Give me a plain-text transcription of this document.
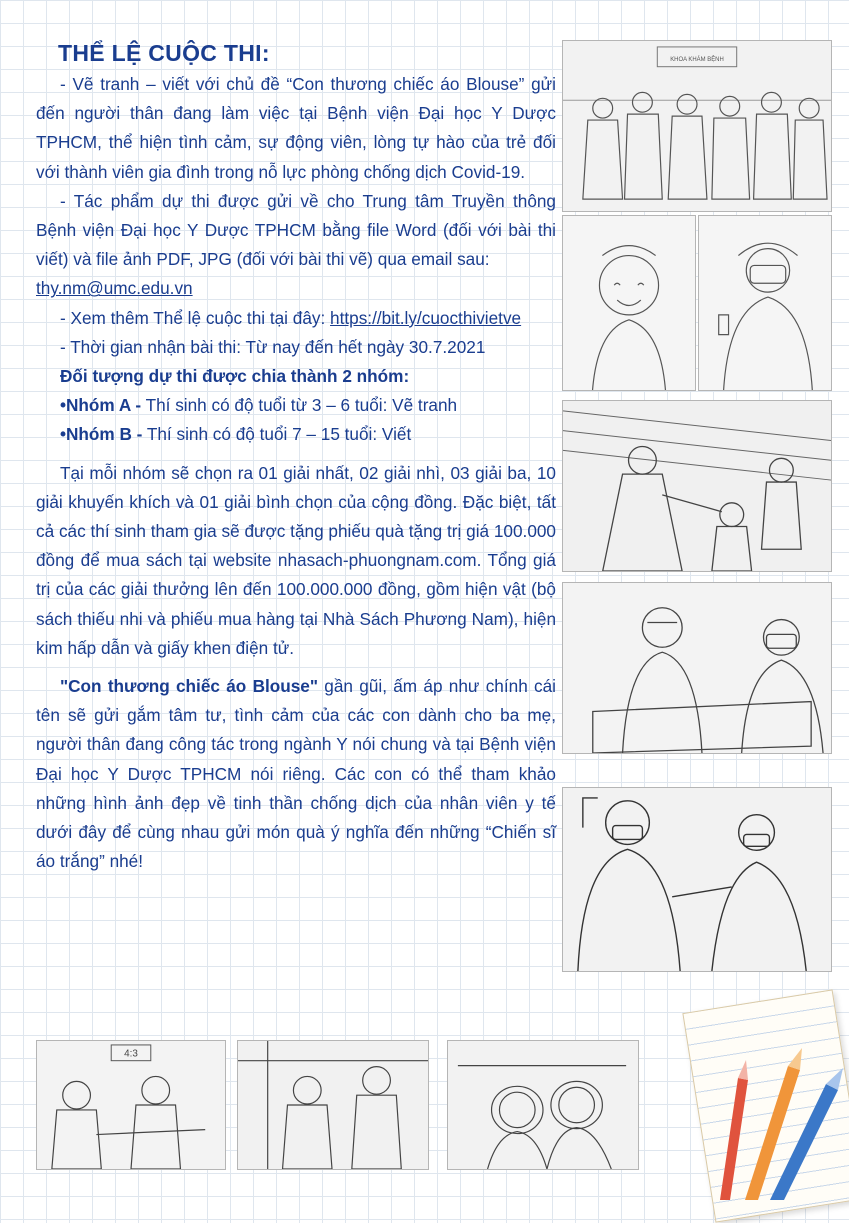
THỂ LỆ CUỘC THI:

- Vẽ tranh – viết với chủ đề “Con thương chiếc áo Blouse” gửi đến người thân đang làm việc tại Bệnh viện Đại học Y Dược TPHCM, thể hiện tình cảm, sự động viên, lòng tự hào của trẻ đối với thành viên gia đình trong nỗ lực phòng chống dịch Covid-19.

- Tác phẩm dự thi được gửi về cho Trung tâm Truyền thông Bệnh viện Đại học Y Dược TPHCM bằng file Word (đối với bài thi viết) và file ảnh PDF, JPG (đối với bài thi vẽ) qua email sau:

thy.nm@umc.edu.vn

- Xem thêm Thể lệ cuộc thi tại đây: https://bit.ly/cuocthivietve

- Thời gian nhận bài thi: Từ nay đến hết ngày 30.7.2021

Đối tượng dự thi được chia thành 2 nhóm:

•Nhóm A - Thí sinh có độ tuổi từ 3 – 6 tuổi: Vẽ tranh

•Nhóm B - Thí sinh có độ tuổi 7 – 15 tuổi: Viết

Tại mỗi nhóm sẽ chọn ra 01 giải nhất, 02 giải nhì, 03 giải ba, 10 giải khuyến khích và 01 giải bình chọn của cộng đồng. Đặc biệt, tất cả các thí sinh tham gia sẽ được tặng phiếu quà tặng trị giá 100.000 đồng để mua sách tại website nhasach-phuongnam.com. Tổng giá trị của các giải thưởng lên đến 100.000.000 đồng, gồm hiện vật (bộ sách thiếu nhi và phiếu mua hàng tại Nhà Sách Phương Nam), hiện kim hấp dẫn và giấy khen điện tử.

"Con thương chiếc áo Blouse" gần gũi, ấm áp như chính cái tên sẽ gửi gắm tâm tư, tình cảm của các con dành cho ba mẹ, người thân đang công tác trong ngành Y nói chung và tại Bệnh viện Đại học Y Dược TPHCM nói riêng. Các con có thể tham khảo những hình ảnh đẹp về tinh thần chống dịch của nhân viên y tế dưới đây để cùng nhau gửi món quà ý nghĩa đến những “Chiến sĩ áo trắng” nhé!

KHOA KHÁM BỆNH
4:3
